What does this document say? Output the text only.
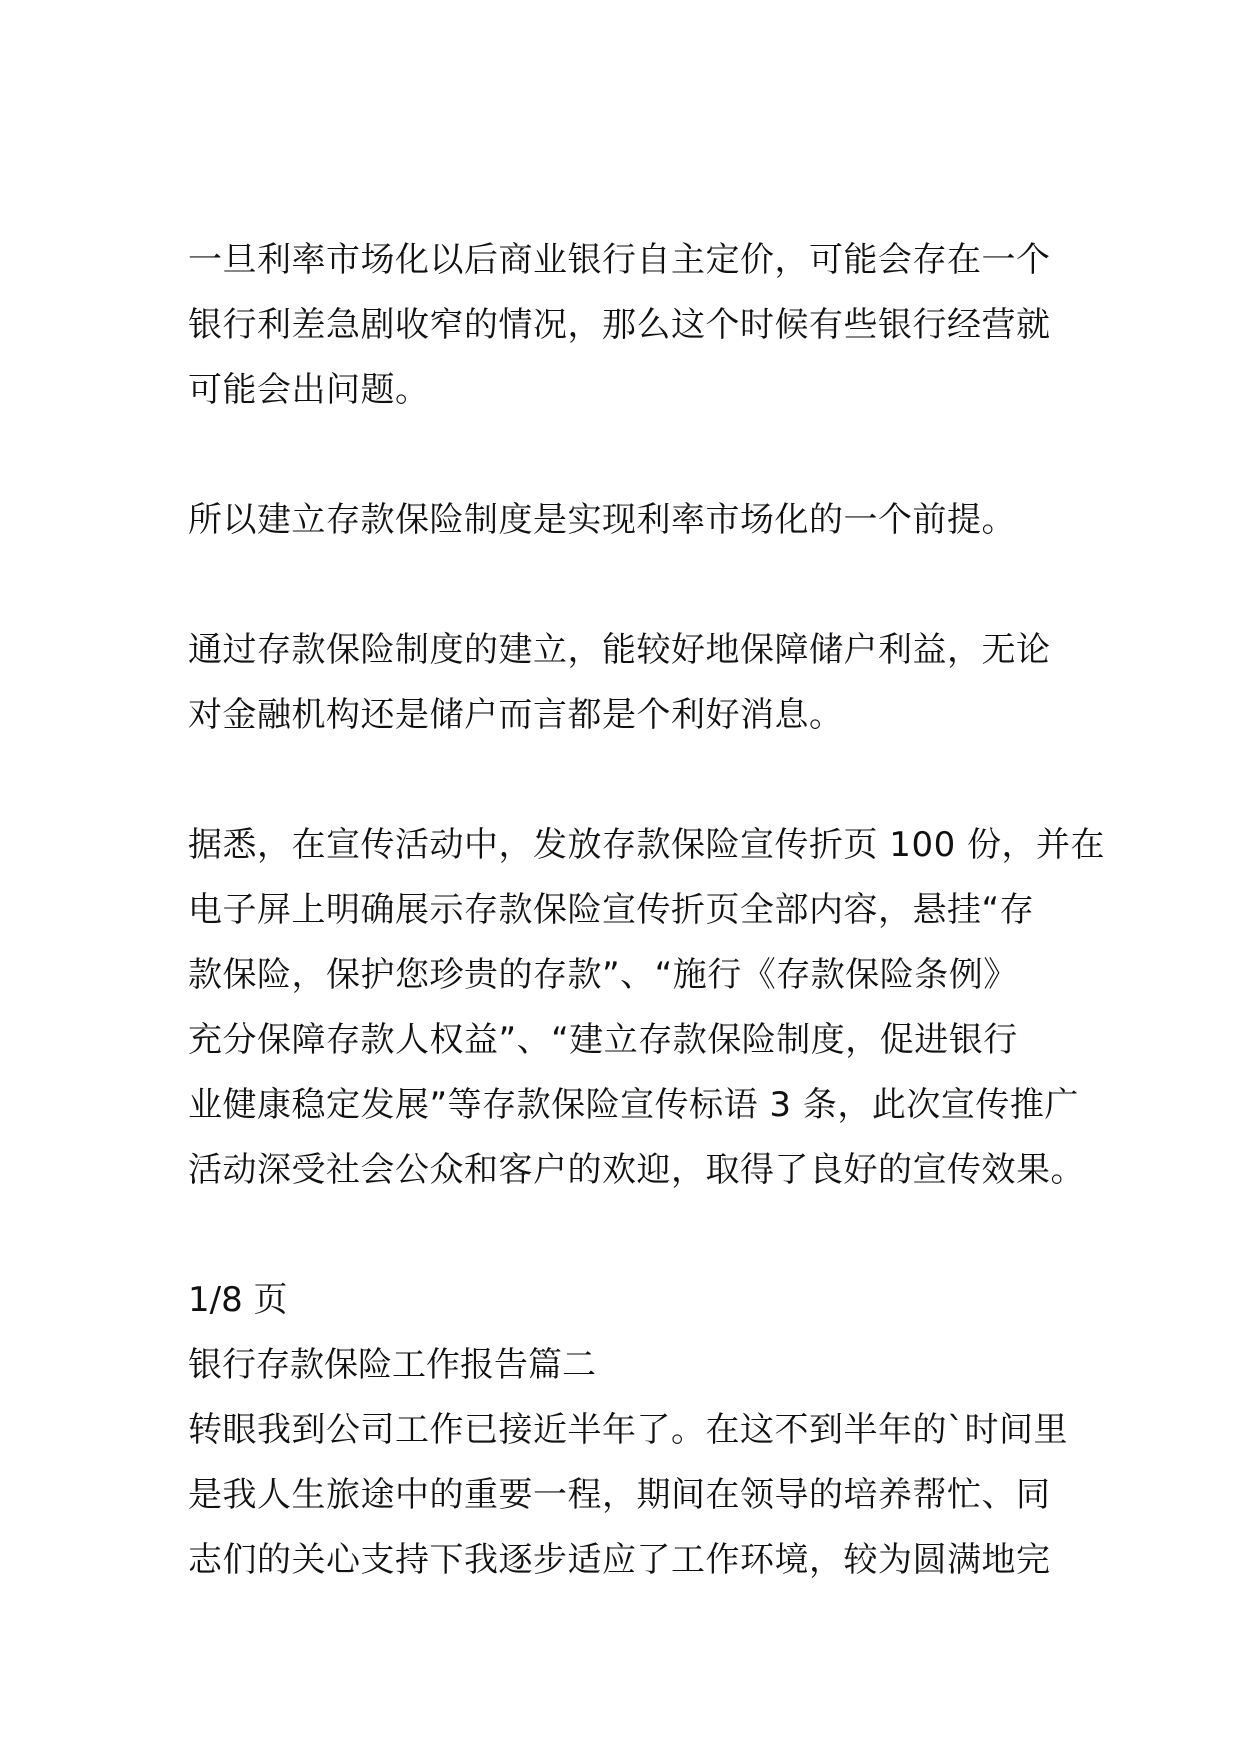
一旦利率市场化以后商业银行自主定价，可能会存在一个
银行利差急剧收窄的情况，那么这个时候有些银行经营就
可能会出问题。

所以建立存款保险制度是实现利率市场化的一个前提。

通过存款保险制度的建立，能较好地保障储户利益，无论
对金融机构还是储户而言都是个利好消息。

据悉，在宣传活动中，发放存款保险宣传折页 100 份，并在
电子屏上明确展示存款保险宣传折页全部内容，悬挂“存
款保险，保护您珍贵的存款”、“施行《存款保险条例》
充分保障存款人权益”、“建立存款保险制度，促进银行
业健康稳定发展”等存款保险宣传标语 3 条，此次宣传推广
活动深受社会公众和客户的欢迎，取得了良好的宣传效果。

1/8 页

银行存款保险工作报告篇二

转眼我到公司工作已接近半年了。在这不到半年的`时间里
是我人生旅途中的重要一程，期间在领导的培养帮忙、同
志们的关心支持下我逐步适应了工作环境，较为圆满地完
